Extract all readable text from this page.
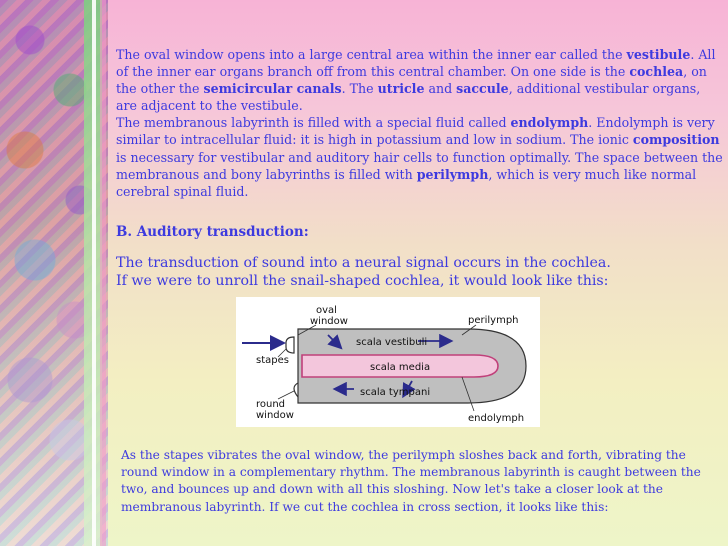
The oval window opens into a large central area within the inner ear called the vestibule. All of the inner ear organs branch off from this central chamber. On one side is the cochlea, on the other the semicircular canals. The utricle and saccule, additional vestibular organs, are adjacent to the vestibule.

The membranous labyrinth is filled with a special fluid called endolymph. Endolymph is very similar to intracellular fluid: it is high in potassium and low in sodium. The ionic composition is necessary for vestibular and auditory hair cells to function optimally. The space between the membranous and bony labyrinths is filled with perilymph, which is very much like normal cerebral spinal fluid.

B. Auditory transduction:

The transduction of sound into a neural signal occurs in the cochlea.

If we were to unroll the snail-shaped cochlea, it would look like this:

scala vestibuli
scala media
scala tympani
oval
window
stapes
round
window
perilymph
endolymph

As the stapes vibrates the oval window, the perilymph sloshes back and forth, vibrating the round window in a complementary rhythm. The membranous labyrinth is caught between the two, and bounces up and down with all this sloshing. Now let's take a closer look at the membranous labyrinth. If we cut the cochlea in cross section, it looks like this:
